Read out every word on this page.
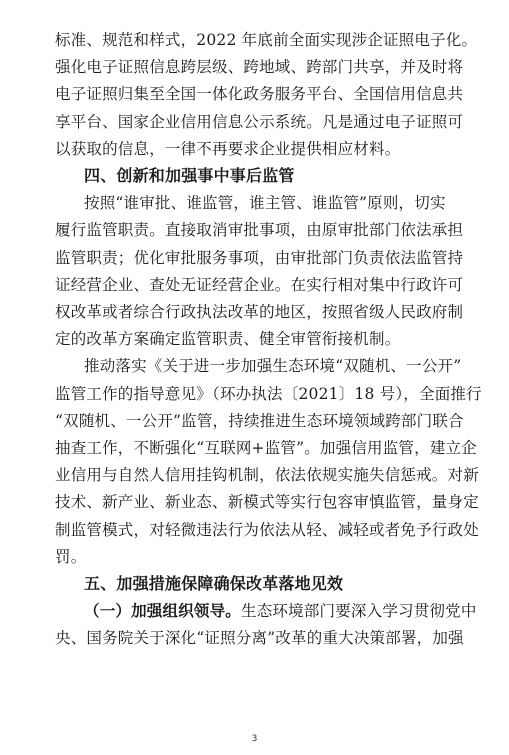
标准、规范和样式，2022 年底前全面实现涉企证照电子化。
强化电子证照信息跨层级、跨地域、跨部门共享，并及时将
电子证照归集至全国一体化政务服务平台、全国信用信息共
享平台、国家企业信用信息公示系统。凡是通过电子证照可
以获取的信息，一律不再要求企业提供相应材料。
四、创新和加强事中事后监管
按照“谁审批、谁监管，谁主管、谁监管”原则，切实
履行监管职责。直接取消审批事项，由原审批部门依法承担
监管职责；优化审批服务事项，由审批部门负责依法监管持
证经营企业、查处无证经营企业。在实行相对集中行政许可
权改革或者综合行政执法改革的地区，按照省级人民政府制
定的改革方案确定监管职责、健全审管衔接机制。
推动落实《关于进一步加强生态环境“双随机、一公开”
监管工作的指导意见》（环办执法〔2021〕18 号），全面推行
“双随机、一公开”监管，持续推进生态环境领域跨部门联合
抽查工作，不断强化“互联网+监管”。加强信用监管，建立企
业信用与自然人信用挂钩机制，依法依规实施失信惩戒。对新
技术、新产业、新业态、新模式等实行包容审慎监管，量身定
制监管模式，对轻微违法行为依法从轻、减轻或者免予行政处
罚。
五、加强措施保障确保改革落地见效
（一）加强组织领导。生态环境部门要深入学习贯彻党中
央、国务院关于深化“证照分离”改革的重大决策部署，加强
3
